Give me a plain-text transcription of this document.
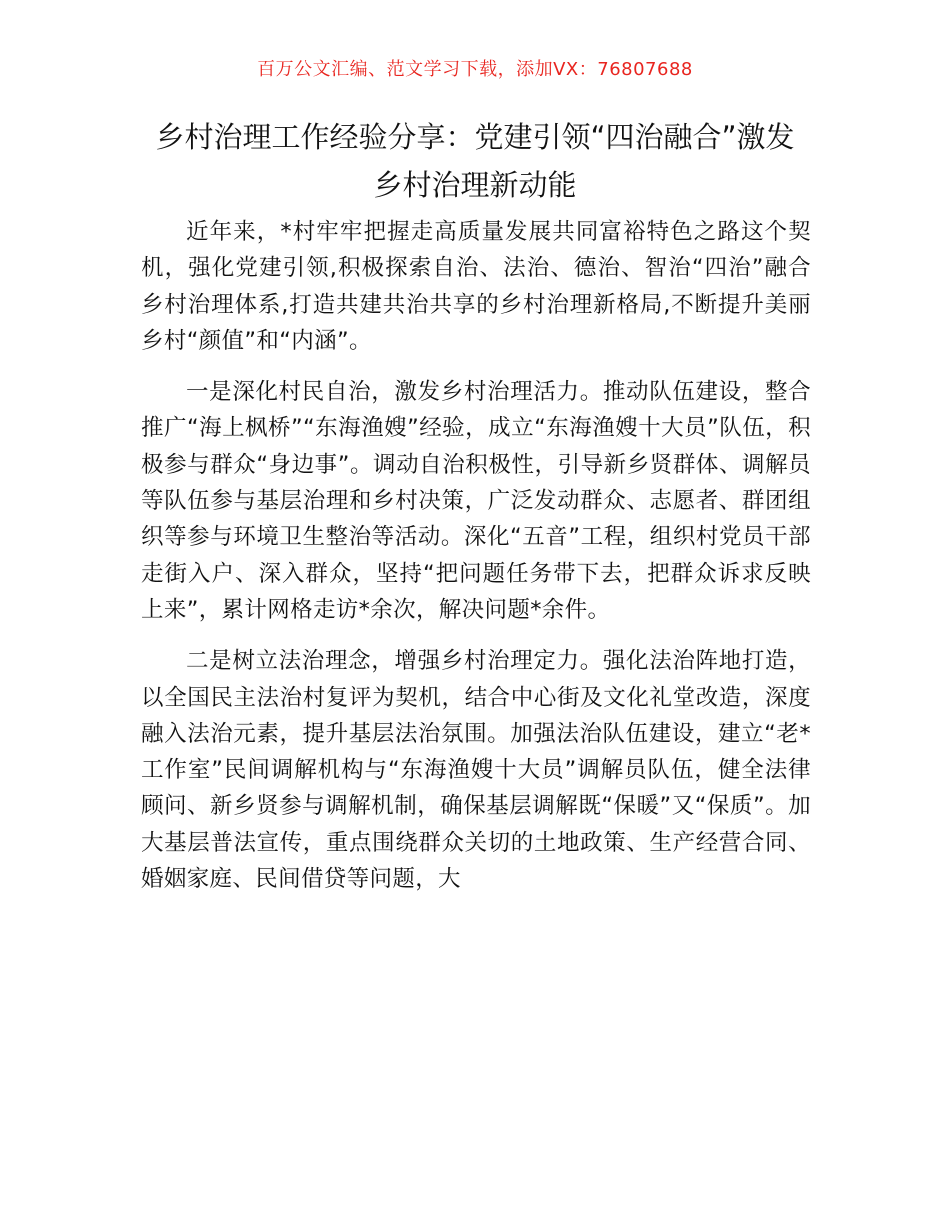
百万公文汇编、范文学习下载，添加VX：76807688
乡村治理工作经验分享：党建引领“四治融合”激发乡村治理新动能

近年来，*村牢牢把握走高质量发展共同富裕特色之路这个契机，强化党建引领,积极探索自治、法治、德治、智治“四治”融合乡村治理体系,打造共建共治共享的乡村治理新格局,不断提升美丽乡村“颜值”和“内涵”。

一是深化村民自治，激发乡村治理活力。推动队伍建设，整合推广“海上枫桥”“东海渔嫂”经验，成立“东海渔嫂十大员”队伍，积极参与群众“身边事”。调动自治积极性，引导新乡贤群体、调解员等队伍参与基层治理和乡村决策，广泛发动群众、志愿者、群团组织等参与环境卫生整治等活动。深化“五音”工程，组织村党员干部走街入户、深入群众，坚持“把问题任务带下去，把群众诉求反映上来”，累计网格走访*余次，解决问题*余件。

二是树立法治理念，增强乡村治理定力。强化法治阵地打造，以全国民主法治村复评为契机，结合中心街及文化礼堂改造，深度融入法治元素，提升基层法治氛围。加强法治队伍建设，建立“老*工作室”民间调解机构与“东海渔嫂十大员”调解员队伍，健全法律顾问、新乡贤参与调解机制，确保基层调解既“保暖”又“保质”。加大基层普法宣传，重点围绕群众关切的土地政策、生产经营合同、婚姻家庭、民间借贷等问题，大
